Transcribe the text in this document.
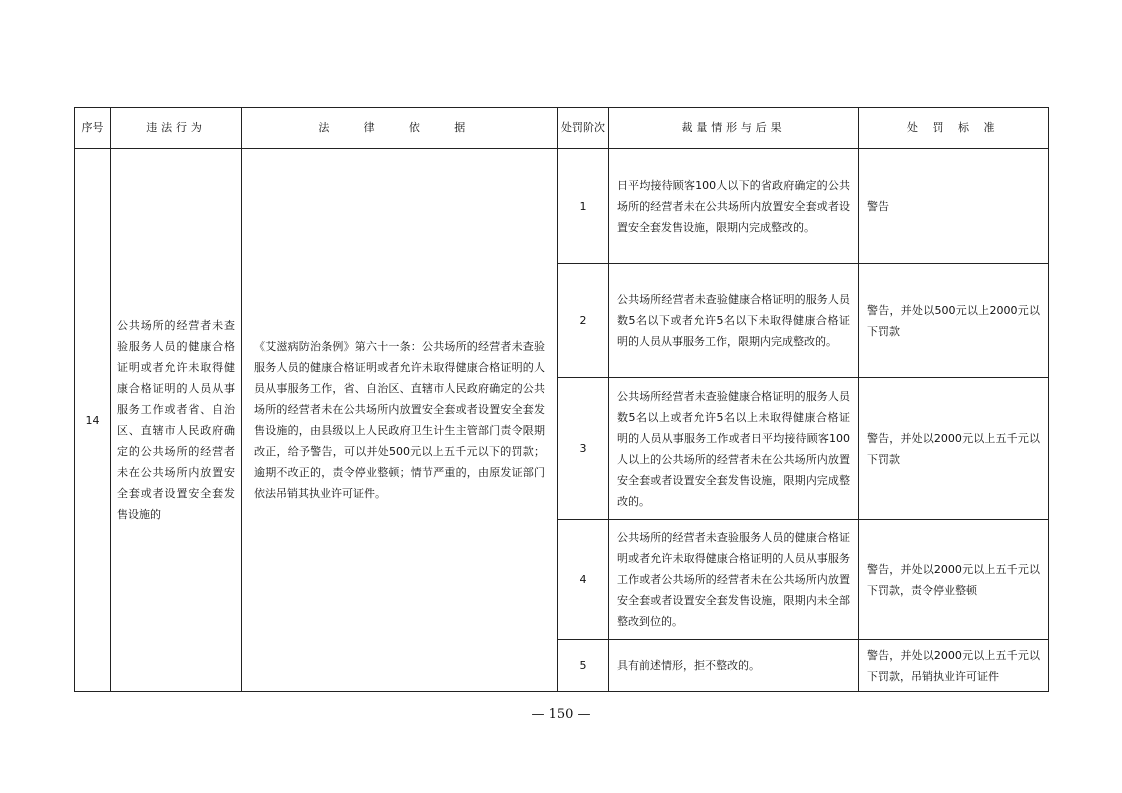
序号	违法行为	法 律 依 据	处罚阶次	裁量情形与后果	处 罚 标 准
14	公共场所的经营者未查验服务人员的健康合格证明或者允许未取得健康合格证明的人员从事服务工作或者省、自治区、直辖市人民政府确定的公共场所的经营者未在公共场所内放置安全套或者设置安全套发售设施的	《艾滋病防治条例》第六十一条：公共场所的经营者未查验服务人员的健康合格证明或者允许未取得健康合格证明的人员从事服务工作，省、自治区、直辖市人民政府确定的公共场所的经营者未在公共场所内放置安全套或者设置安全套发售设施的，由县级以上人民政府卫生计生主管部门责令限期改正，给予警告，可以并处500元以上五千元以下的罚款；逾期不改正的，责令停业整顿；情节严重的，由原发证部门依法吊销其执业许可证件。	1	日平均接待顾客100人以下的省政府确定的公共场所的经营者未在公共场所内放置安全套或者设置安全套发售设施，限期内完成整改的。	警告
			2	公共场所经营者未查验健康合格证明的服务人员数5名以下或者允许5名以下未取得健康合格证明的人员从事服务工作，限期内完成整改的。	警告，并处以500元以上2000元以下罚款
			3	公共场所经营者未查验健康合格证明的服务人员数5名以上或者允许5名以上未取得健康合格证明的人员从事服务工作或者日平均接待顾客100人以上的公共场所的经营者未在公共场所内放置安全套或者设置安全套发售设施，限期内完成整改的。	警告，并处以2000元以上五千元以下罚款
			4	公共场所的经营者未查验服务人员的健康合格证明或者允许未取得健康合格证明的人员从事服务工作或者公共场所的经营者未在公共场所内放置安全套或者设置安全套发售设施，限期内未全部整改到位的。	警告，并处以2000元以上五千元以下罚款，责令停业整顿
			5	具有前述情形，拒不整改的。	警告，并处以2000元以上五千元以下罚款，吊销执业许可证件
— 150 —
